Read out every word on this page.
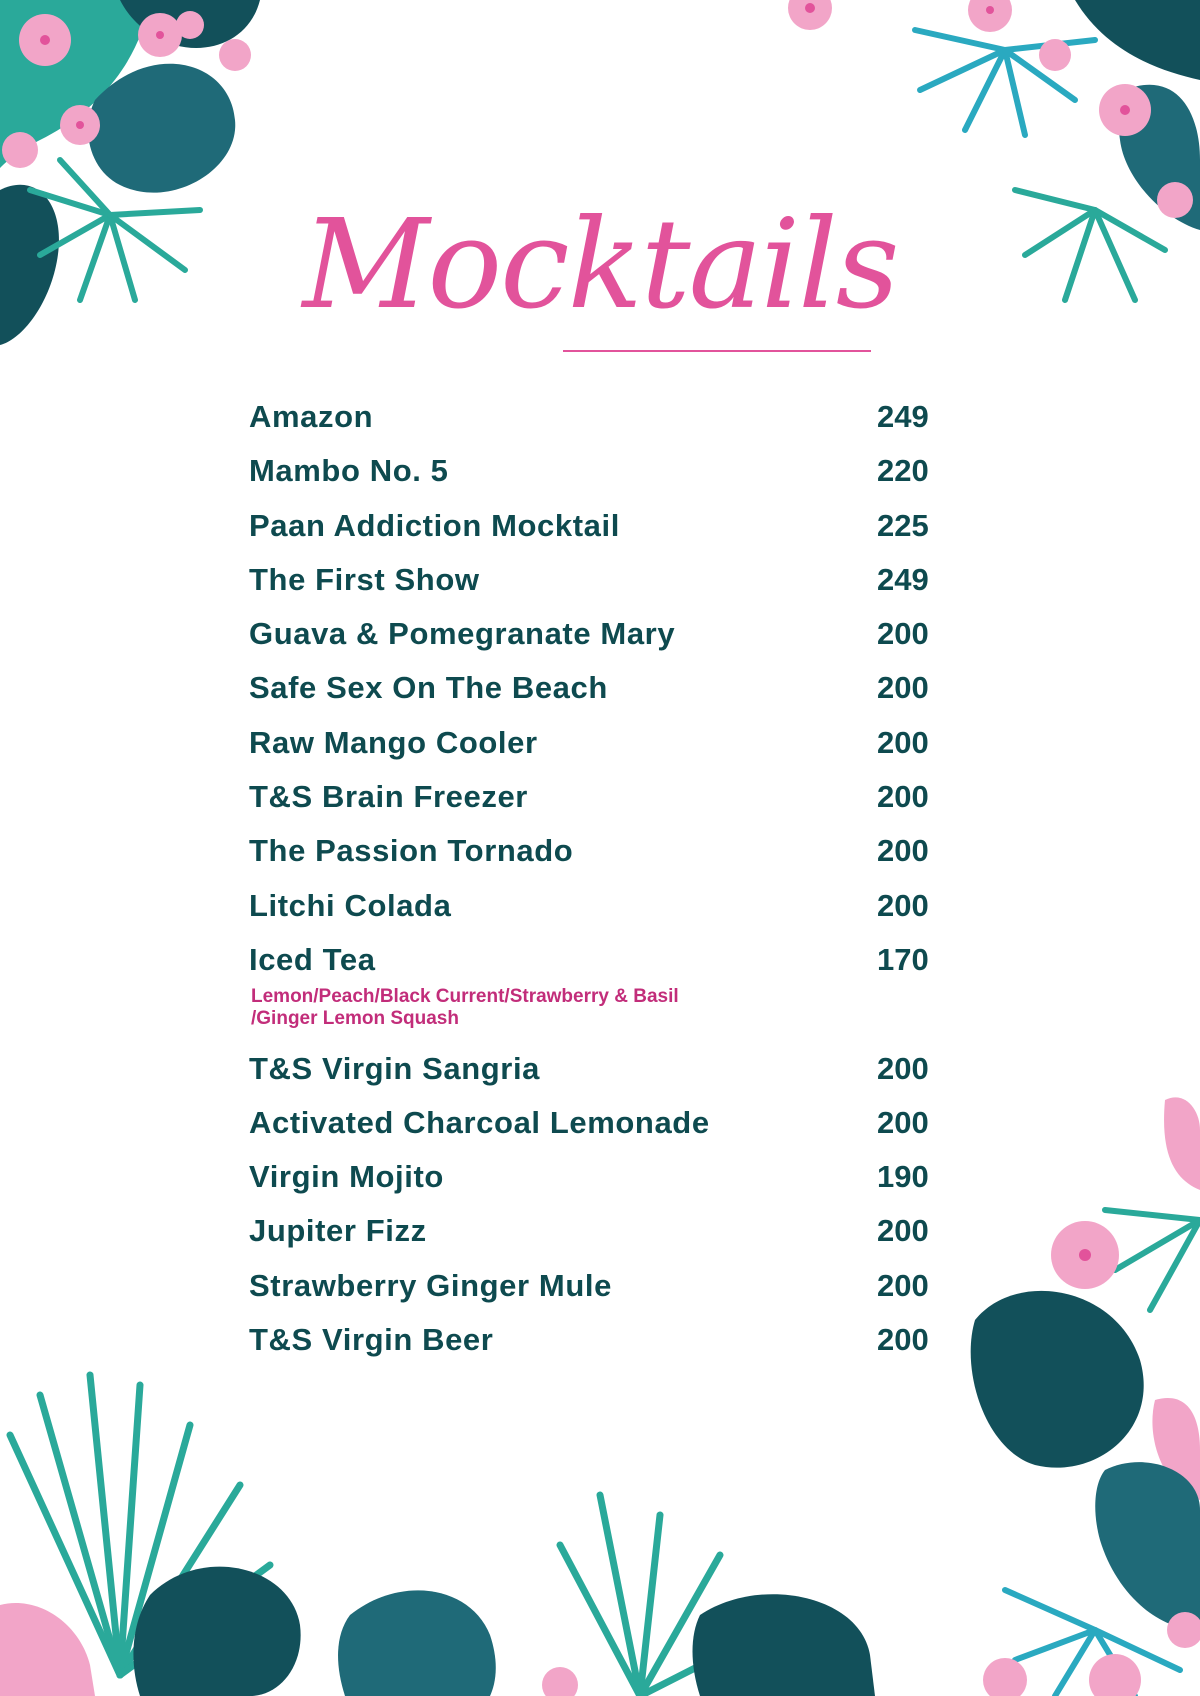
Mocktails
Amazon	249
Mambo No. 5	220
Paan Addiction Mocktail	225
The First Show	249
Guava & Pomegranate Mary	200
Safe Sex On The Beach	200
Raw Mango Cooler	200
T&S Brain Freezer	200
The Passion Tornado	200
Litchi Colada	200
Iced Tea	170
Lemon/Peach/Black Current/Strawberry & Basil
/Ginger Lemon Squash
T&S Virgin Sangria	200
Activated Charcoal Lemonade	200
Virgin Mojito	190
Jupiter Fizz	200
Strawberry Ginger Mule	200
T&S Virgin Beer	200
